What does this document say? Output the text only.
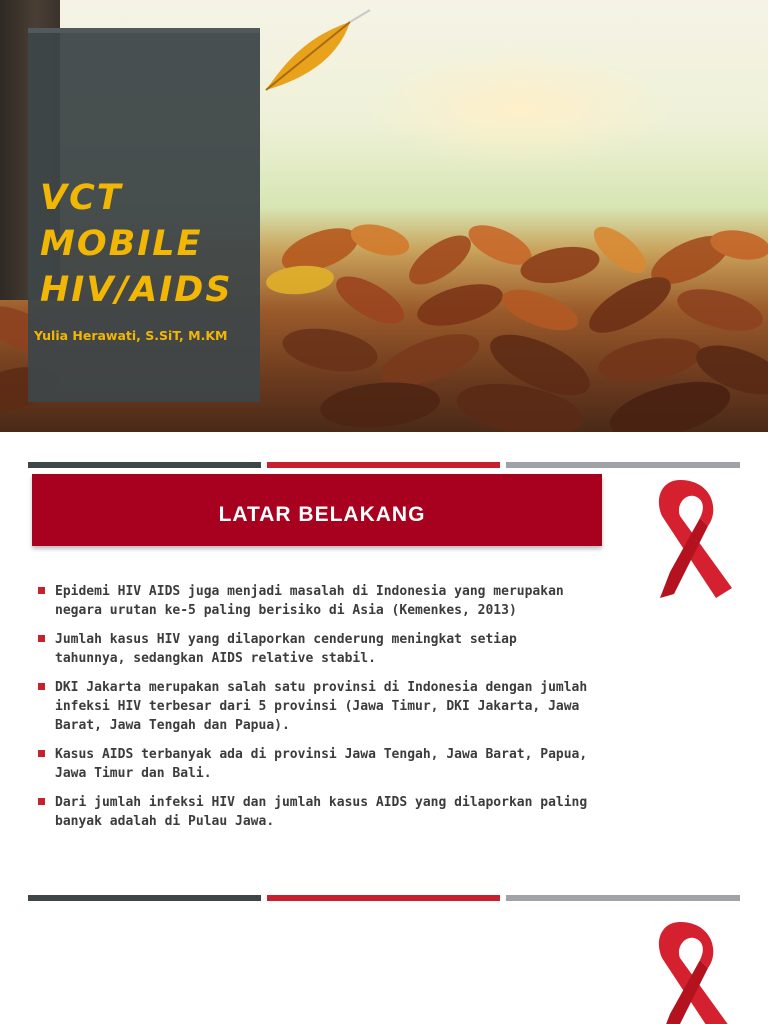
VCT
MOBILE
HIV/AIDS
Yulia Herawati, S.SiT, M.KM
LATAR BELAKANG
Epidemi HIV AIDS juga menjadi masalah di Indonesia yang merupakan negara urutan ke-5 paling berisiko di Asia (Kemenkes, 2013)
Jumlah kasus HIV yang dilaporkan cenderung meningkat setiap tahunnya, sedangkan AIDS relative stabil.
DKI Jakarta merupakan salah satu provinsi di Indonesia dengan jumlah infeksi HIV terbesar dari 5 provinsi (Jawa Timur, DKI Jakarta, Jawa Barat, Jawa Tengah dan Papua).
Kasus AIDS terbanyak ada di provinsi Jawa Tengah, Jawa Barat, Papua, Jawa Timur dan Bali.
Dari jumlah infeksi HIV dan jumlah kasus AIDS yang dilaporkan paling banyak adalah di Pulau Jawa.
